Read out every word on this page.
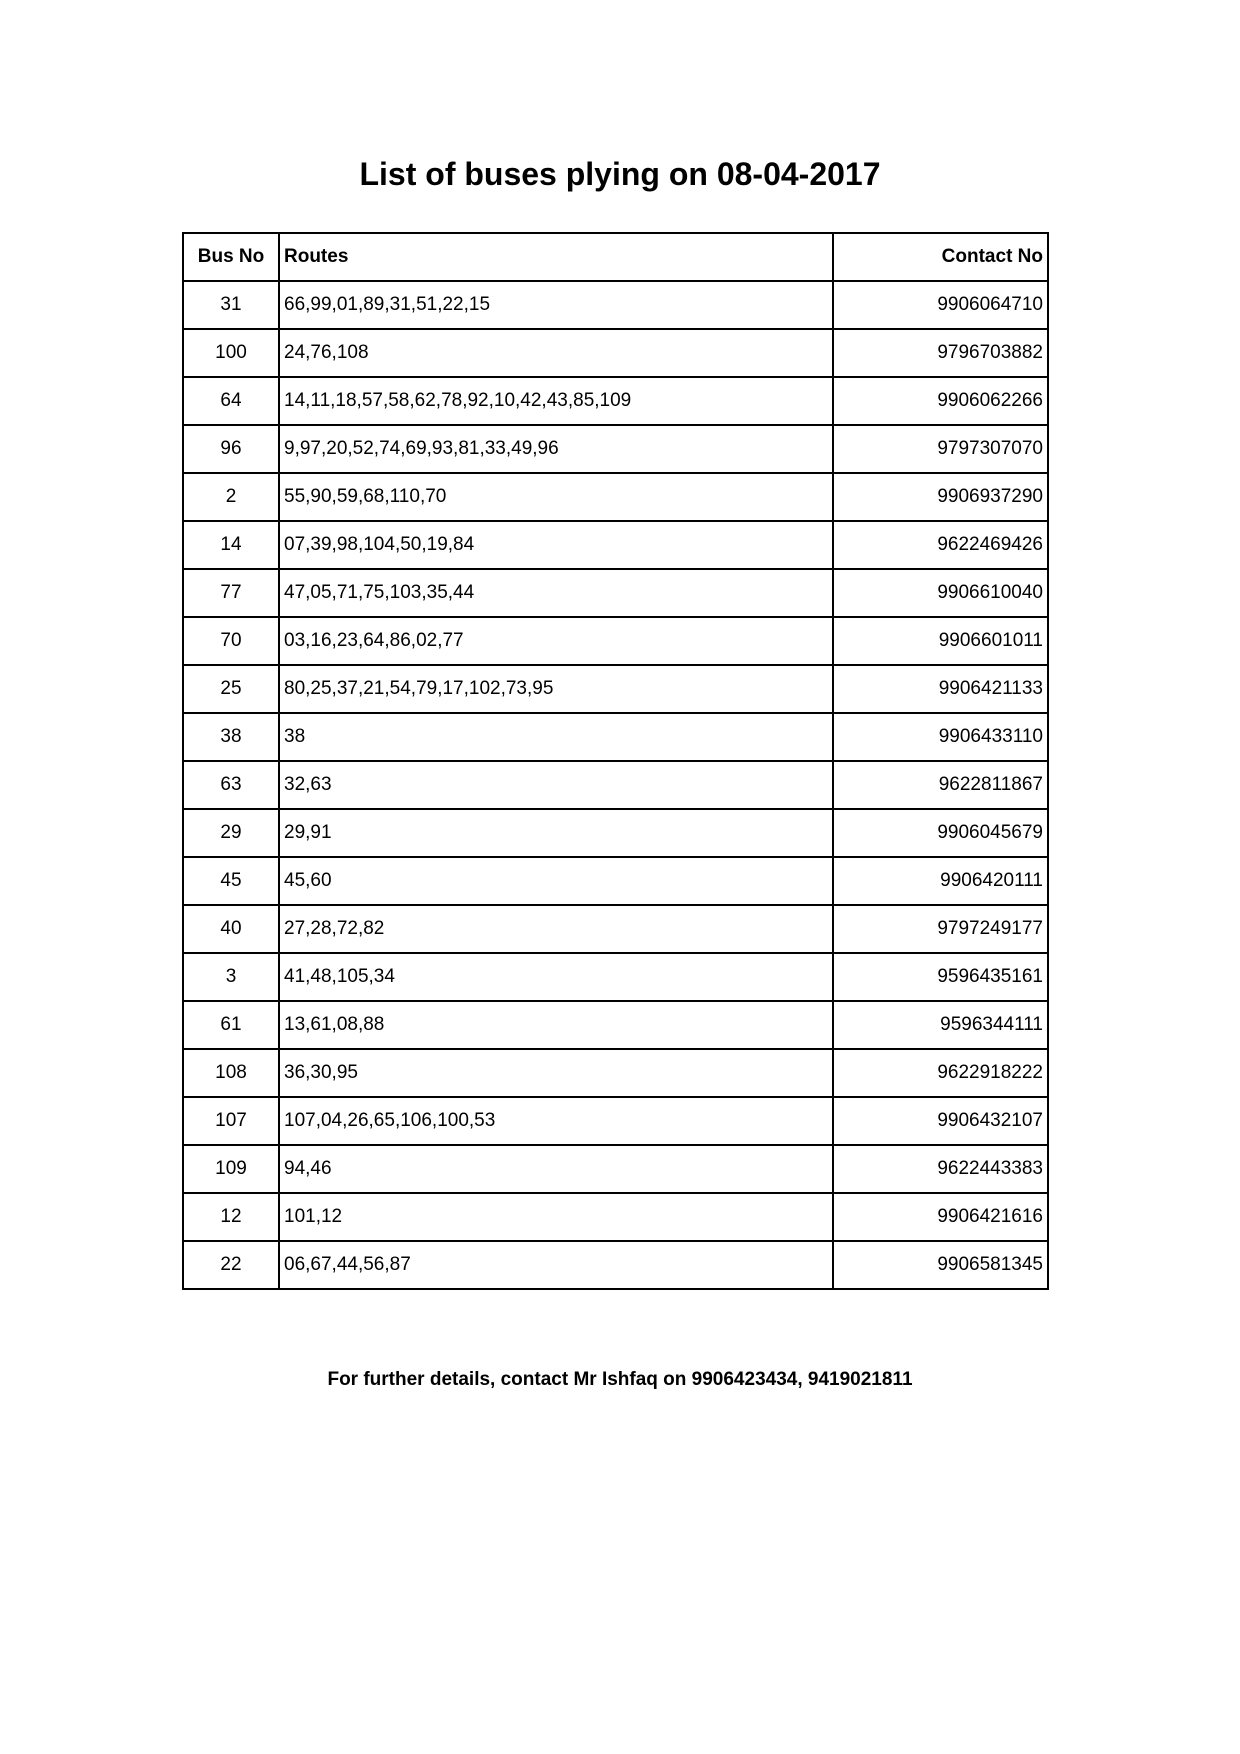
List of buses plying on 08-04-2017
Bus No	Routes	Contact No
31	66,99,01,89,31,51,22,15	9906064710
100	24,76,108	9796703882
64	14,11,18,57,58,62,78,92,10,42,43,85,109	9906062266
96	9,97,20,52,74,69,93,81,33,49,96	9797307070
2	55,90,59,68,110,70	9906937290
14	07,39,98,104,50,19,84	9622469426
77	47,05,71,75,103,35,44	9906610040
70	03,16,23,64,86,02,77	9906601011
25	80,25,37,21,54,79,17,102,73,95	9906421133
38	38	9906433110
63	32,63	9622811867
29	29,91	9906045679
45	45,60	9906420111
40	27,28,72,82	9797249177
3	41,48,105,34	9596435161
61	13,61,08,88	9596344111
108	36,30,95	9622918222
107	107,04,26,65,106,100,53	9906432107
109	94,46	9622443383
12	101,12	9906421616
22	06,67,44,56,87	9906581345
For further details, contact Mr Ishfaq on 9906423434, 9419021811
